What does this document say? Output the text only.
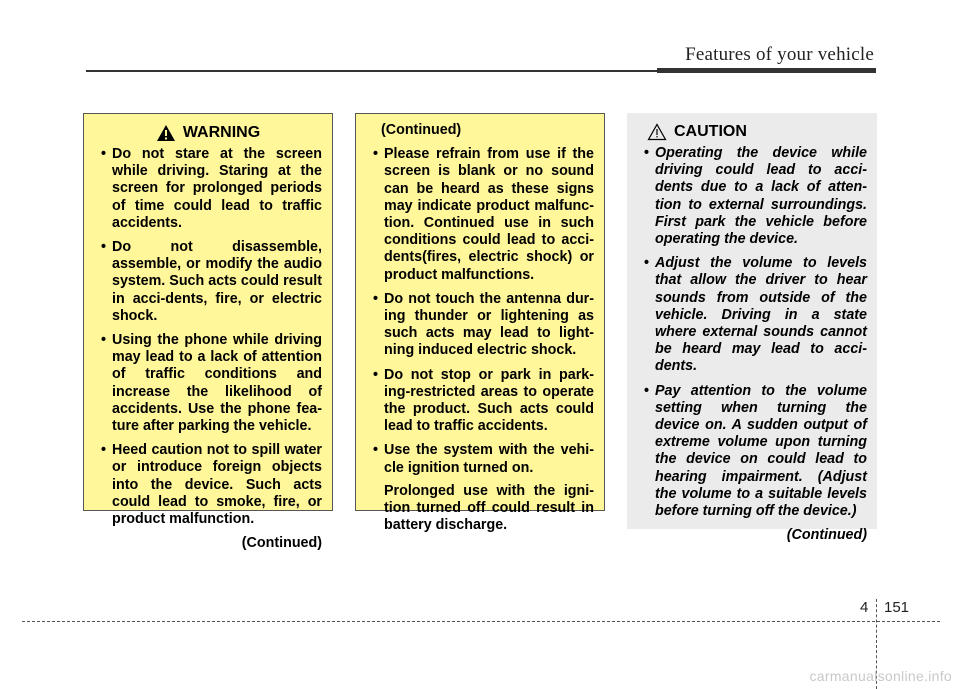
Features of your vehicle
WARNING
• Do not stare at the screen while driving. Staring at the screen for prolonged periods of time could lead to traffic accidents.
• Do not disassemble, assemble, or modify the audio system. Such acts could result in acci-dents, fire, or electric shock.
• Using the phone while driving may lead to a lack of attention of traffic conditions and increase the likelihood of accidents. Use the phone fea-ture after parking the vehicle.
• Heed caution not to spill water or introduce foreign objects into the device. Such acts could lead to smoke, fire, or product malfunction.
(Continued)
(Continued)
• Please refrain from use if the screen is blank or no sound can be heard as these signs may indicate product malfunc-tion. Continued use in such conditions could lead to acci-dents(fires, electric shock) or product malfunctions.
• Do not touch the antenna dur-ing thunder or lightening as such acts may lead to light-ning induced electric shock.
• Do not stop or park in park-ing-restricted areas to operate the product. Such acts could lead to traffic accidents.
• Use the system with the vehi-cle ignition turned on.
Prolonged use with the igni-tion turned off could result in battery discharge.
CAUTION
• Operating the device while driving could lead to acci-dents due to a lack of atten-tion to external surroundings. First park the vehicle before operating the device.
• Adjust the volume to levels that allow the driver to hear sounds from outside of the vehicle. Driving in a state where external sounds cannot be heard may lead to acci-dents.
• Pay attention to the volume setting when turning the device on. A sudden output of extreme volume upon turning the device on could lead to hearing impairment. (Adjust the volume to a suitable levels before turning off the device.)
(Continued)
4 151
carmanualsonline.info
